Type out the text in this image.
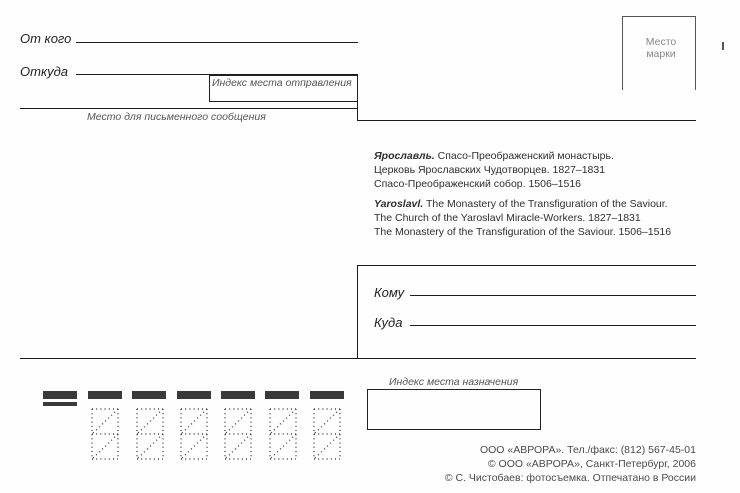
От кого
Откуда
Индекс места отправления
Место для письменного сообщения
Место
марки
Ярославль. Спасо-Преображенский монастырь.
Церковь Ярославских Чудотворцев. 1827–1831
Спасо-Преображенский собор. 1506–1516
Yaroslavl. The Monastery of the Transfiguration of the Saviour.
The Church of the Yaroslavl Miracle-Workers. 1827–1831
The Monastery of the Transfiguration of the Saviour. 1506–1516
Кому
Куда
Индекс места назначения
ООО «АВРОРА». Тел./факс: (812) 567-45-01
© ООО «АВРОРА», Санкт-Петербург, 2006
© С. Чистобаев: фотосъемка. Отпечатано в России
